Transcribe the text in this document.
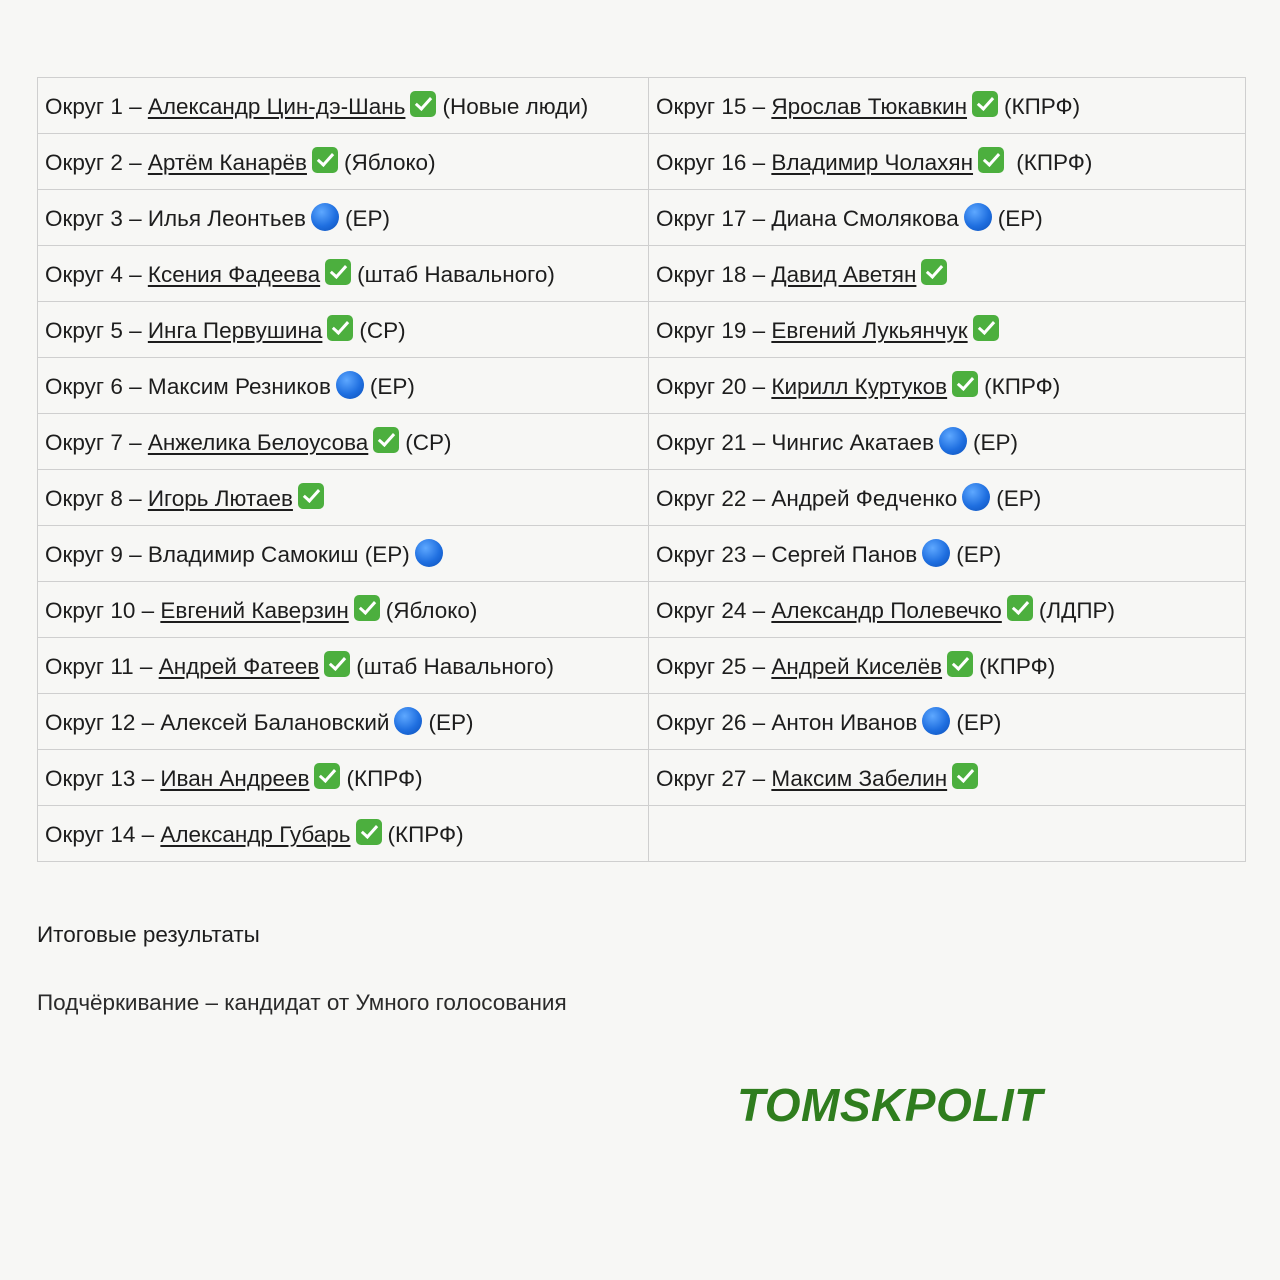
Округ 1 – Александр Цин-дэ-Шань (Новые люди)	Округ 15 – Ярослав Тюкавкин (КПРФ)
Округ 2 – Артём Канарёв (Яблоко)	Округ 16 – Владимир Чолахян (КПРФ)
Округ 3 – Илья Леонтьев (ЕР)	Округ 17 – Диана Смолякова (ЕР)
Округ 4 – Ксения Фадеева (штаб Навального)	Округ 18 – Давид Аветян
Округ 5 – Инга Первушина (СР)	Округ 19 – Евгений Лукьянчук
Округ 6 – Максим Резников (ЕР)	Округ 20 – Кирилл Куртуков (КПРФ)
Округ 7 – Анжелика Белоусова (СР)	Округ 21 – Чингис Акатаев (ЕР)
Округ 8 – Игорь Лютаев	Округ 22 – Андрей Федченко (ЕР)
Округ 9 – Владимир Самокиш (ЕР)	Округ 23 – Сергей Панов (ЕР)
Округ 10 – Евгений Каверзин (Яблоко)	Округ 24 – Александр Полевечко (ЛДПР)
Округ 11 – Андрей Фатеев (штаб Навального)	Округ 25 – Андрей Киселёв (КПРФ)
Округ 12 – Алексей Балановский (ЕР)	Округ 26 – Антон Иванов (ЕР)
Округ 13 – Иван Андреев (КПРФ)	Округ 27 – Максим Забелин
Округ 14 – Александр Губарь (КПРФ)	
Итоговые результаты
Подчёркивание – кандидат от Умного голосования
TOMSKPOLIT
